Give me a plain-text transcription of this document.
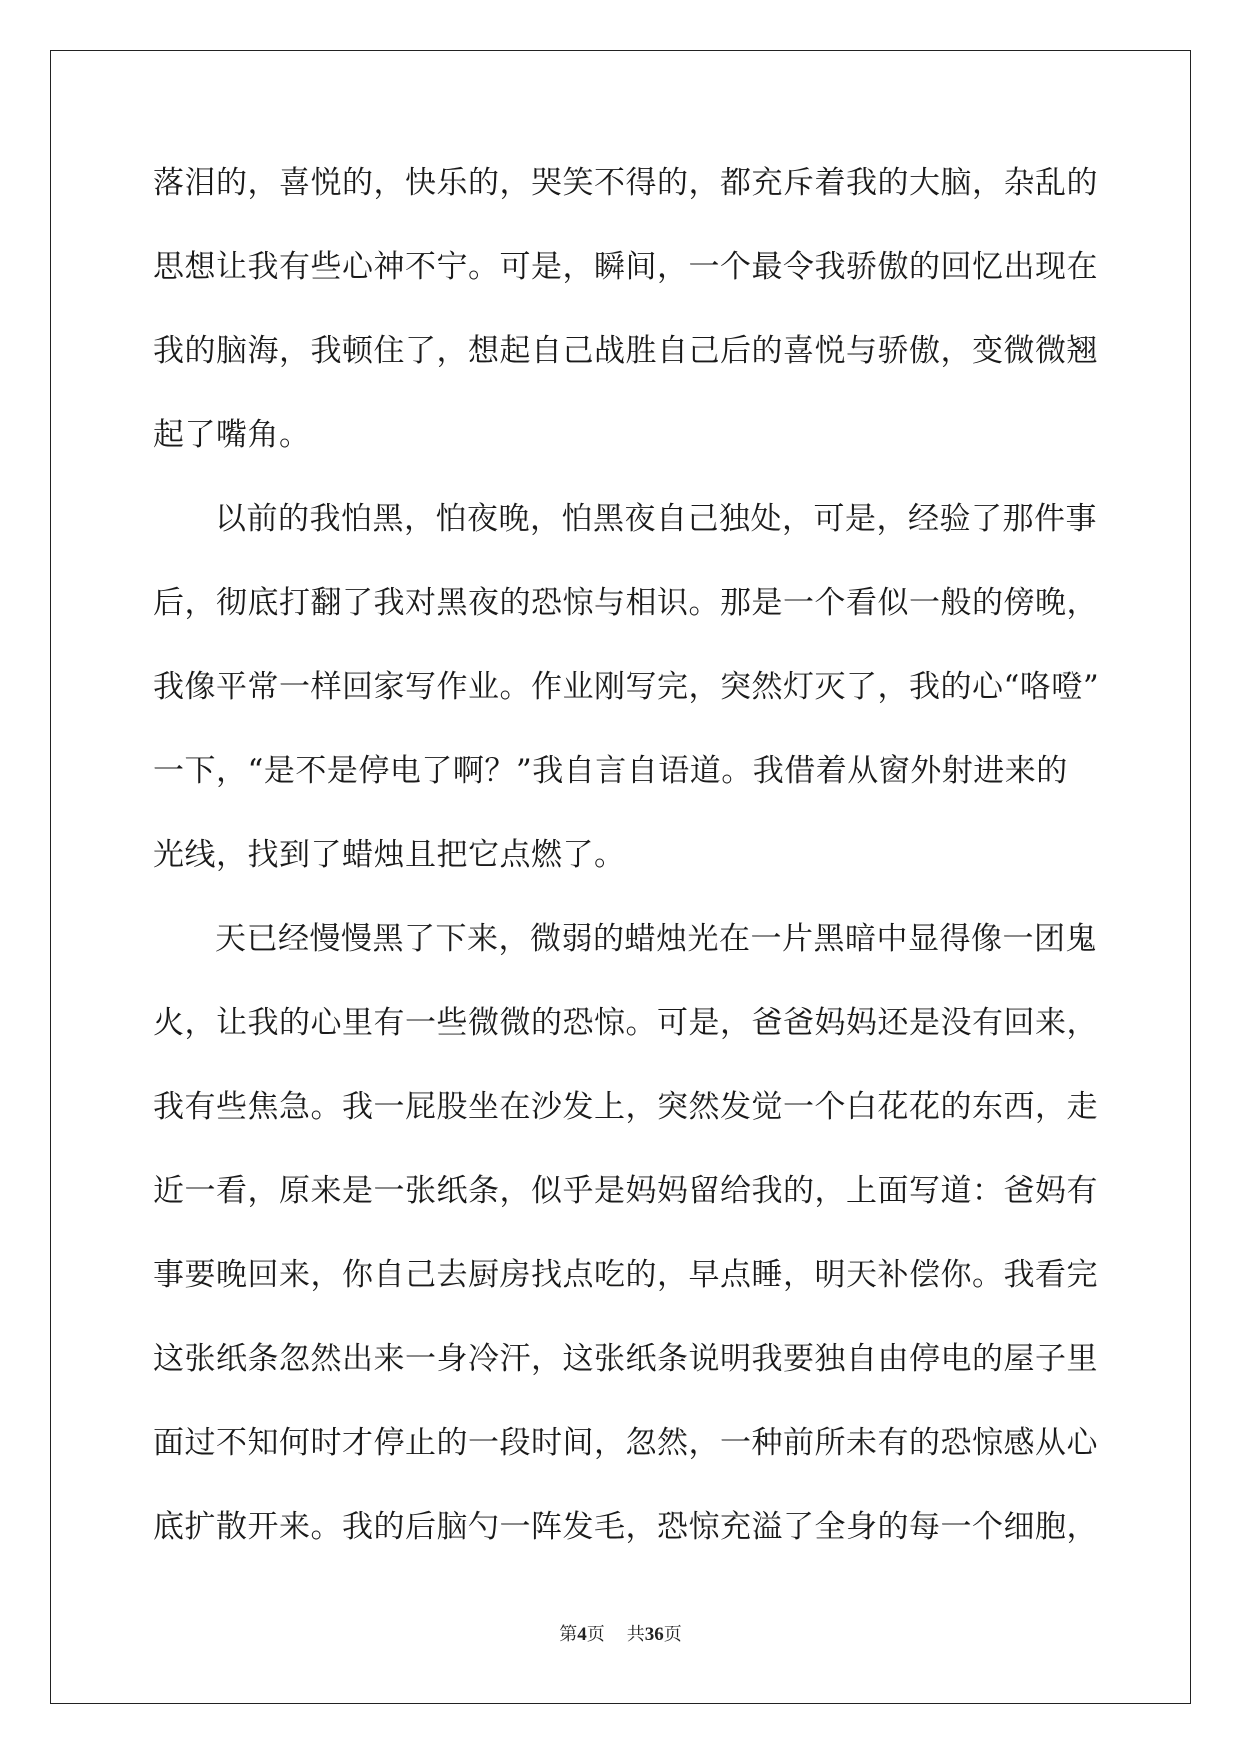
落泪的，喜悦的，快乐的，哭笑不得的，都充斥着我的大脑，杂乱的
思想让我有些心神不宁。可是，瞬间，一个最令我骄傲的回忆出现在
我的脑海，我顿住了，想起自己战胜自己后的喜悦与骄傲，变微微翘
起了嘴角。
以前的我怕黑，怕夜晚，怕黑夜自己独处，可是，经验了那件事
后，彻底打翻了我对黑夜的恐惊与相识。那是一个看似一般的傍晚，
我像平常一样回家写作业。作业刚写完，突然灯灭了，我的心“咯噔”
一下，“是不是停电了啊？”我自言自语道。我借着从窗外射进来的
光线，找到了蜡烛且把它点燃了。
天已经慢慢黑了下来，微弱的蜡烛光在一片黑暗中显得像一团鬼
火，让我的心里有一些微微的恐惊。可是，爸爸妈妈还是没有回来，
我有些焦急。我一屁股坐在沙发上，突然发觉一个白花花的东西，走
近一看，原来是一张纸条，似乎是妈妈留给我的，上面写道：爸妈有
事要晚回来，你自己去厨房找点吃的，早点睡，明天补偿你。我看完
这张纸条忽然出来一身冷汗，这张纸条说明我要独自由停电的屋子里
面过不知何时才停止的一段时间，忽然，一种前所未有的恐惊感从心
底扩散开来。我的后脑勺一阵发毛，恐惊充溢了全身的每一个细胞，
第4页 共36页
